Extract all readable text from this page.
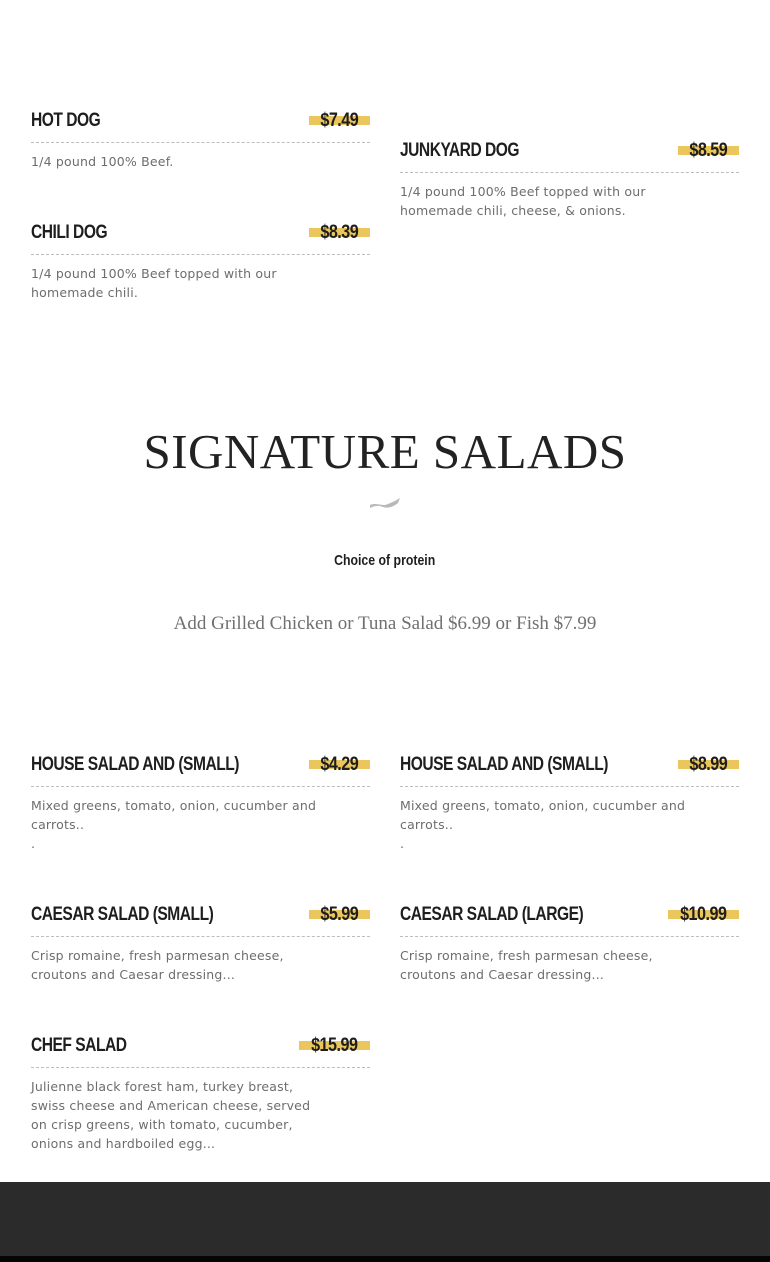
HOT DOG	$7.49
1/4 pound 100% Beef.
JUNKYARD DOG	$8.59
1/4 pound 100% Beef topped with our homemade chili, cheese, & onions.
CHILI DOG	$8.39
1/4 pound 100% Beef topped with our homemade chili.
SIGNATURE SALADS
Choice of protein
Add Grilled Chicken or Tuna Salad $6.99 or Fish $7.99
HOUSE SALAD AND (SMALL)	$4.29
Mixed greens, tomato, onion, cucumber and carrots..
.
HOUSE SALAD AND (SMALL)	$8.99
Mixed greens, tomato, onion, cucumber and carrots..
.
CAESAR SALAD (SMALL)	$5.99
Crisp romaine, fresh parmesan cheese, croutons and Caesar dressing...
CAESAR SALAD (LARGE)	$10.99
Crisp romaine, fresh parmesan cheese, croutons and Caesar dressing...
CHEF SALAD	$15.99
Julienne black forest ham, turkey breast, swiss cheese and American cheese, served on crisp greens, with tomato, cucumber, onions and hardboiled egg...
